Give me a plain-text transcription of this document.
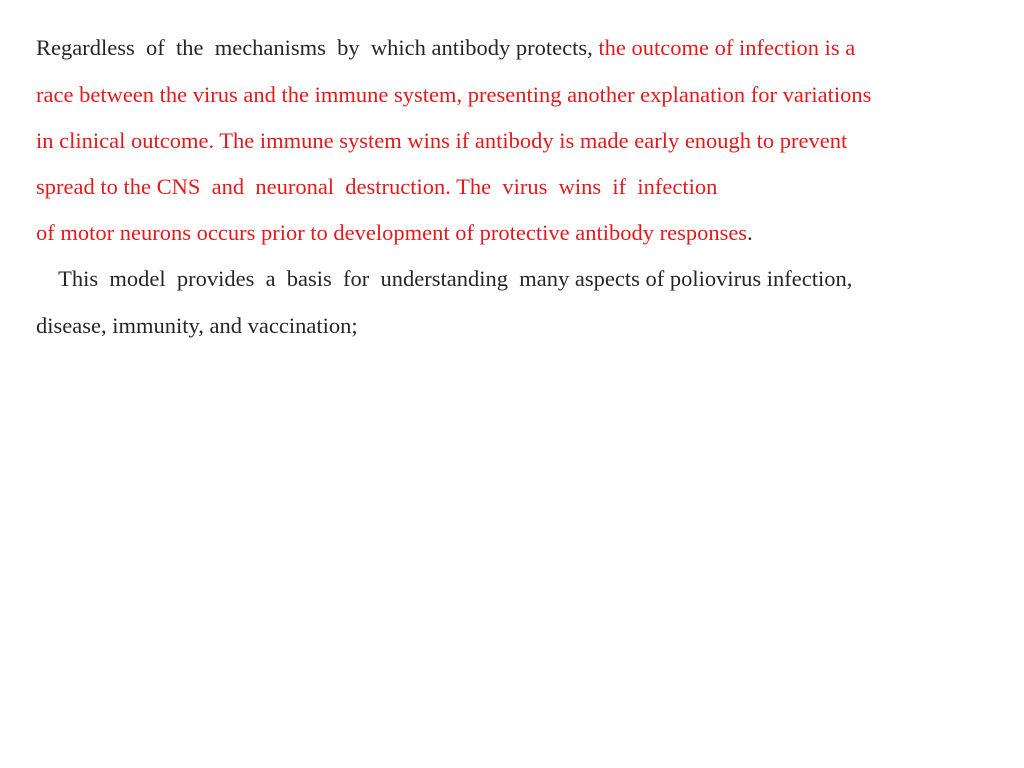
Regardless  of  the  mechanisms  by  which antibody protects, the outcome of infection is a
race between the virus and the immune system, presenting another explanation for variations
in clinical outcome. The immune system wins if antibody is made early enough to prevent
spread to the CNS  and  neuronal  destruction. The  virus  wins  if  infection
of motor neurons occurs prior to development of protective antibody responses.
This  model  provides  a  basis  for  understanding  many aspects of poliovirus infection,
disease, immunity, and vaccination;
